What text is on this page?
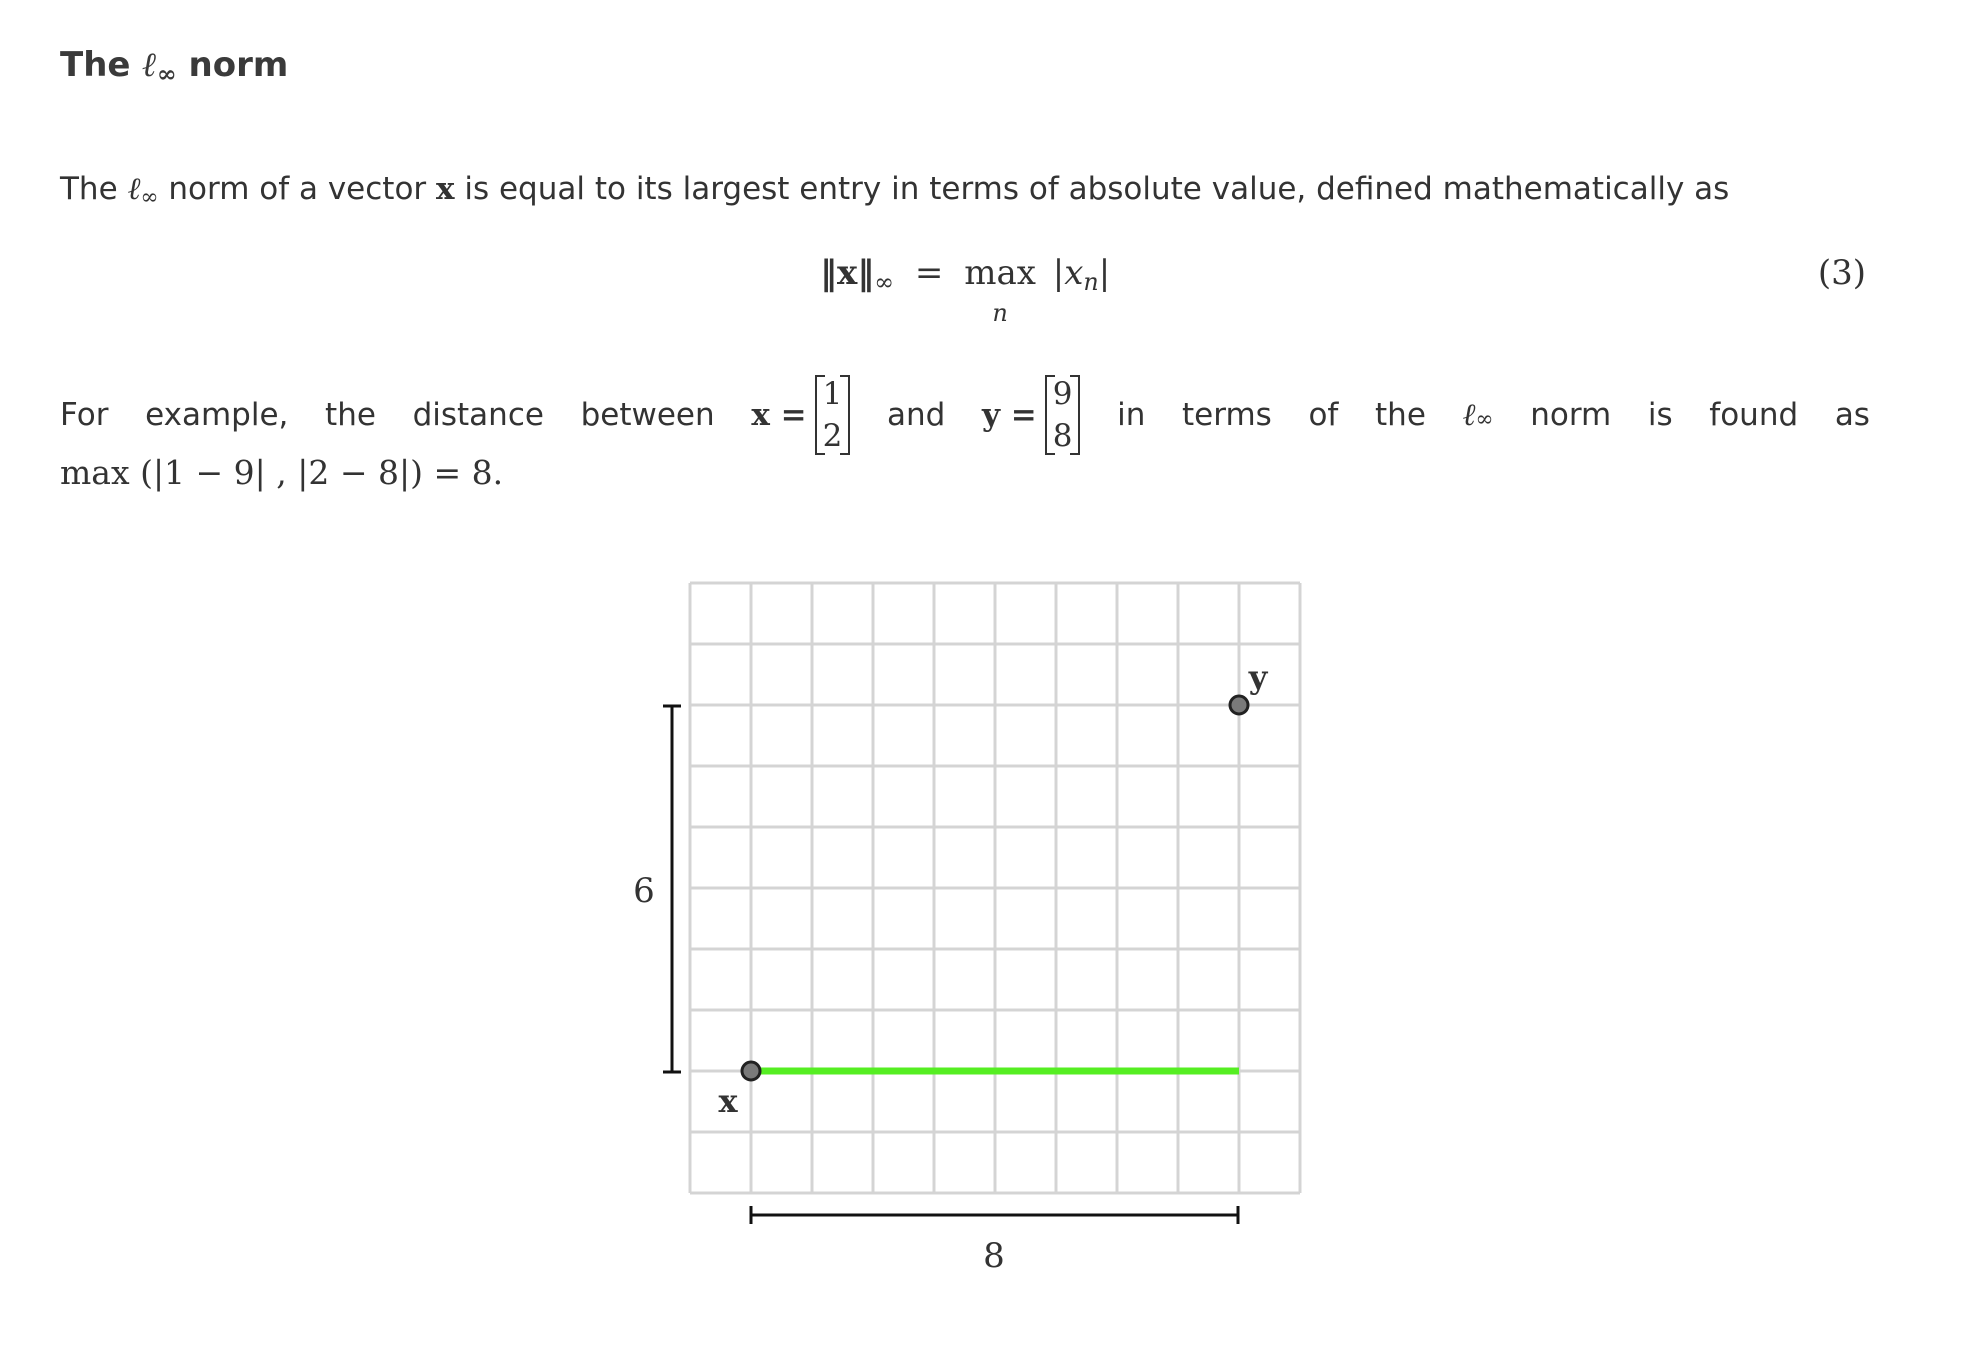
The ℓ∞ norm
The ℓ∞ norm of a vector x is equal to its largest entry in terms of absolute value, defined mathematically as
‖x‖∞ = max
n
|xn|	(3)
For example, the distance between x =
1
2
and y =
9
8
in terms of the ℓ ∞ norm is found as
max (|1 − 9| , |2 − 8|) = 8.
6
8
x
y
